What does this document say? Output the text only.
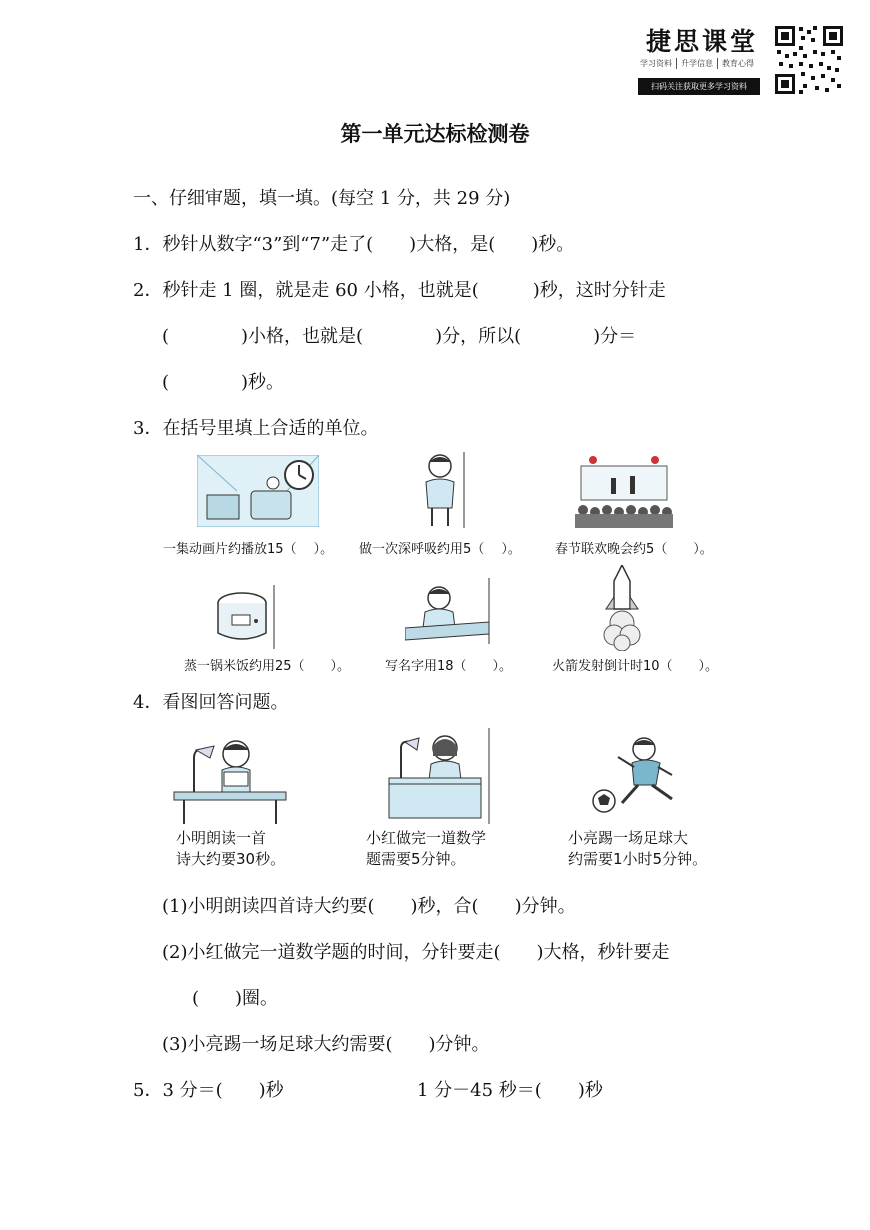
捷思课堂
学习资料	升学信息	教育心得
扫码关注获取更多学习资料
第一单元达标检测卷
一、仔细审题，填一填。(每空 1 分，共 29 分)
1．秒针从数字“3”到“7”走了(　　)大格，是(　　)秒。
2．秒针走 1 圈，就是走 60 小格，也就是(　　　)秒，这时分针走
(　　　　)小格，也就是(　　　　)分，所以(　　　　)分＝
(　　　　)秒。
3．在括号里填上合适的单位。
一集动画片约播放15（　 ）。 做一次深呼吸约用5（　 ）。	春节联欢晚会约5（　　）。
蒸一锅米饭约用25（　　）。	写名字用18（　　）。	火箭发射倒计时10（　　）。
4．看图回答问题。
小明朗读一首
诗大约要30秒。
小红做完一道数学
题需要5分钟。
小亮踢一场足球大
约需要1小时5分钟。
(1)小明朗读四首诗大约要(　　)秒，合(　　)分钟。
(2)小红做完一道数学题的时间，分针要走(　　)大格，秒针要走
(　　)圈。
(3)小亮踢一场足球大约需要(　　)分钟。
5．3 分＝(　　)秒	1 分－45 秒＝(　　)秒
